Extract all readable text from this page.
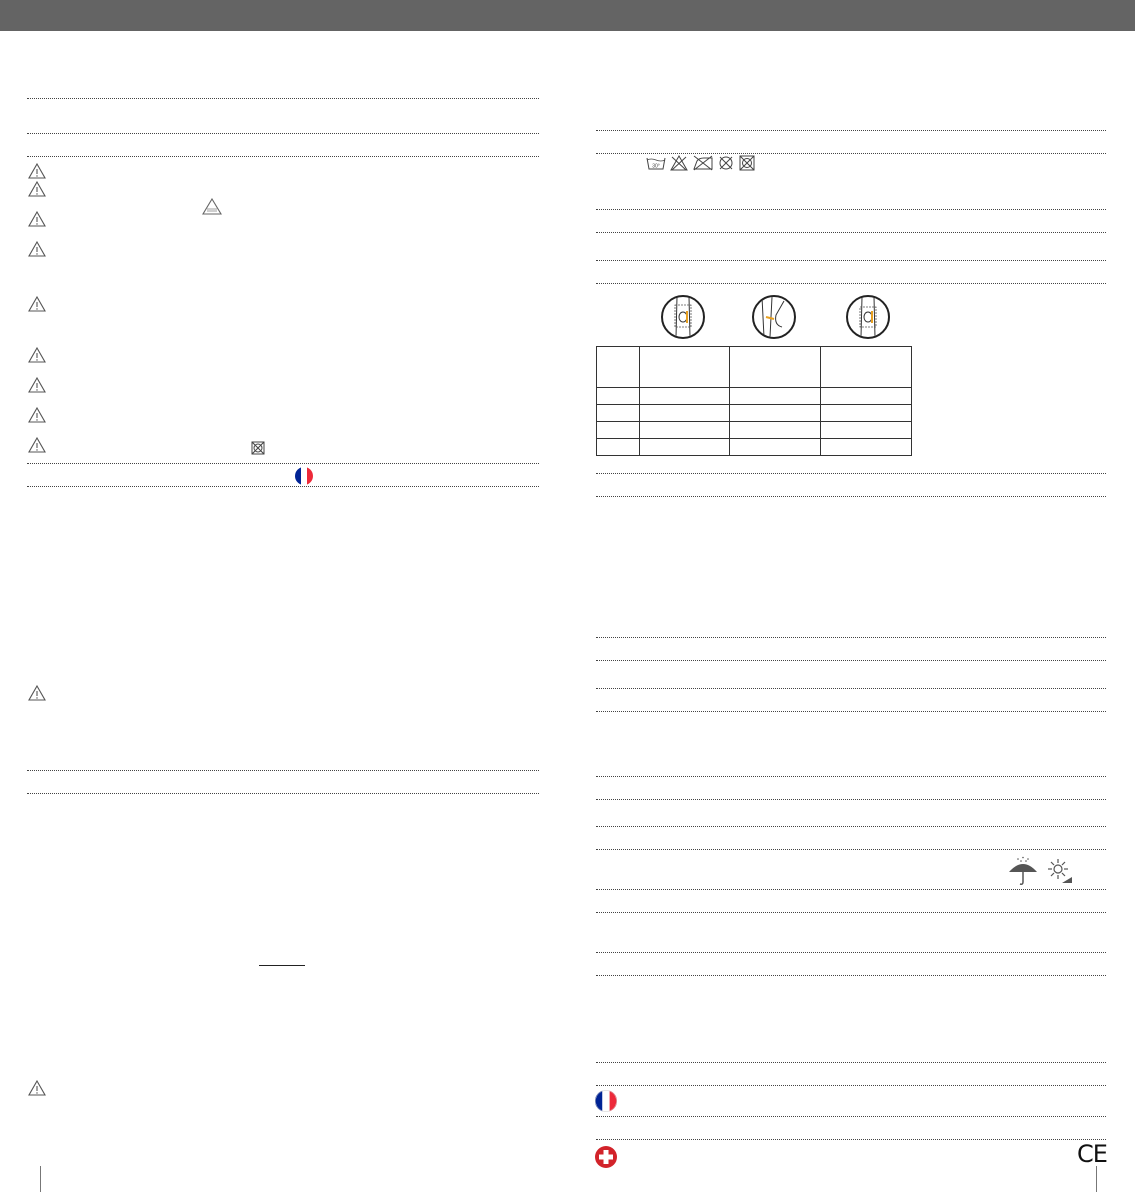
30°

CE
